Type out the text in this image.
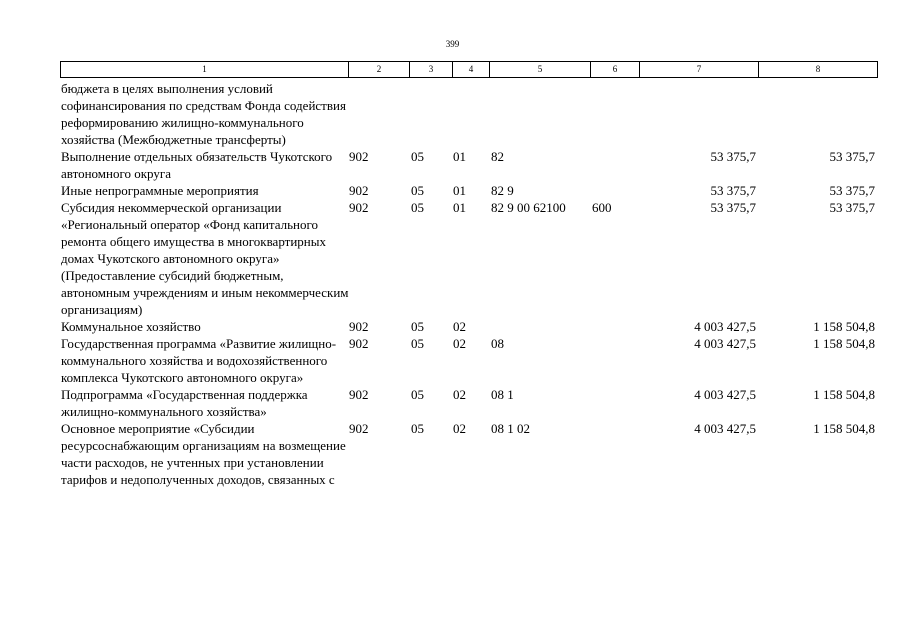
399
1	2	3	4	5	6	7	8
бюджета в целях выполнения условий софинансирования по средствам Фонда содействия реформированию жилищно-коммунального хозяйства (Межбюджетные трансферты)
Выполнение отдельных обязательств Чукотского автономного округа
902	05 01 82	53 375,7	53 375,7
Иные непрограммные мероприятия	902	05 01 82 9	53 375,7	53 375,7
Субсидия некоммерческой организации «Региональный оператор «Фонд капитального ремонта общего имущества в многоквартирных домах Чукотского автономного округа» (Предоставление субсидий бюджетным, автономным учреждениям и иным некоммерческим организациям)
902	05 01 82 9 00 62100 600	53 375,7	53 375,7
Коммунальное хозяйство	902	05 02	4 003 427,5	1 158 504,8
Государственная программа «Развитие жилищно-коммунального хозяйства и водохозяйственного комплекса Чукотского автономного округа»
902	05 02 08	4 003 427,5	1 158 504,8
Подпрограмма «Государственная поддержка жилищно-коммунального хозяйства»
902	05 02 08 1	4 003 427,5	1 158 504,8
Основное мероприятие «Субсидии ресурсоснабжающим организациям на возмещение части расходов, не учтенных при установлении тарифов и недополученных доходов, связанных с
902	05 02 08 1 02	4 003 427,5	1 158 504,8
